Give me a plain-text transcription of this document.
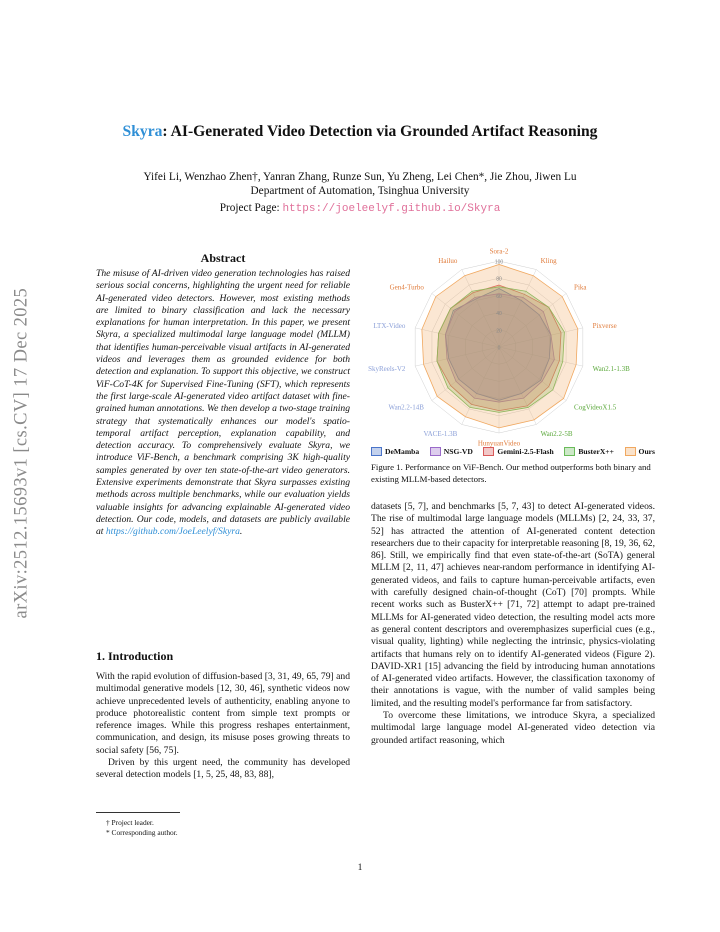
arXiv:2512.15693v1 [cs.CV] 17 Dec 2025
Skyra: AI-Generated Video Detection via Grounded Artifact Reasoning
Yifei Li, Wenzhao Zhen†, Yanran Zhang, Runze Sun, Yu Zheng, Lei Chen*, Jie Zhou, Jiwen Lu
Department of Automation, Tsinghua University
Project Page: https://joeleelyf.github.io/Skyra
Abstract
The misuse of AI-driven video generation technologies has raised serious social concerns, highlighting the urgent need for reliable AI-generated video detectors. However, most existing methods are limited to binary classification and lack the necessary explanations for human interpretation. In this paper, we present Skyra, a specialized multimodal large language model (MLLM) that identifies human-perceivable visual artifacts in AI-generated videos and leverages them as grounded evidence for both detection and explanation. To support this objective, we construct ViF-CoT-4K for Supervised Fine-Tuning (SFT), which represents the first large-scale AI-generated video artifact dataset with fine-grained human annotations. We then develop a two-stage training strategy that systematically enhances our model's spatio-temporal artifact perception, explanation capability, and detection accuracy. To comprehensively evaluate Skyra, we introduce ViF-Bench, a benchmark comprising 3K high-quality samples generated by over ten state-of-the-art video generators. Extensive experiments demonstrate that Skyra surpasses existing methods across multiple benchmarks, while our evaluation yields valuable insights for advancing explainable AI-generated video detection. Our code, models, and datasets are publicly available at https://github.com/JoeLeelyf/Skyra.
1. Introduction

With the rapid evolution of diffusion-based [3, 31, 49, 65, 79] and multimodal generative models [12, 30, 46], synthetic videos now achieve unprecedented levels of authenticity, enabling anyone to produce photorealistic content from simple text prompts or reference images. While this progress reshapes entertainment, communication, and design, its misuse poses growing threats to social safety [56, 75].

Driven by this urgent need, the community has developed several detection models [1, 5, 25, 48, 83, 88],

† Project leader.
* Corresponding author.
1
0
20
40
60
80
100
Sora-2
Kling
Pika
Pixverse
Wan2.1-1.3B
CogVideoX1.5
Wan2.2-5B
HunyuanVideo
VACE-1.3B
Wan2.2-14B
SkyReels-V2
LTX-Video
Gen4-Turbo
Hailuo
DeMamba	NSG-VD	Gemini-2.5-Flash	BusterX++	Ours
Figure 1. Performance on ViF-Bench. Our method outperforms both binary and existing MLLM-based detectors.

datasets [5, 7], and benchmarks [5, 7, 43] to detect AI-generated videos. The rise of multimodal large language models (MLLMs) [2, 24, 33, 37, 52] has attracted the attention of AI-generated content detection researchers due to their capacity for interpretable reasoning [8, 19, 36, 62, 86]. Still, we empirically find that even state-of-the-art (SoTA) general MLLM [2, 11, 47] achieves near-random performance in identifying AI-generated videos, and fails to capture human-perceivable artifacts, even with carefully designed chain-of-thought (CoT) [70] prompts. While recent works such as BusterX++ [71, 72] attempt to adapt pre-trained MLLMs for AI-generated video detection, the resulting model acts more as general content descriptors and overemphasizes superficial cues (e.g., visual quality, lighting) while neglecting the intrinsic, physics-violating artifacts that humans rely on to identify AI-generated videos (Figure 2). DAVID-XR1 [15] advancing the field by introducing human annotations of AI-generated video artifacts. However, the classification taxonomy of their annotations is vague, with the number of valid samples being limited, and the resulting model's performance far from satisfactory.

To overcome these limitations, we introduce Skyra, a specialized multimodal large language model AI-generated video detection via grounded artifact reasoning, which
